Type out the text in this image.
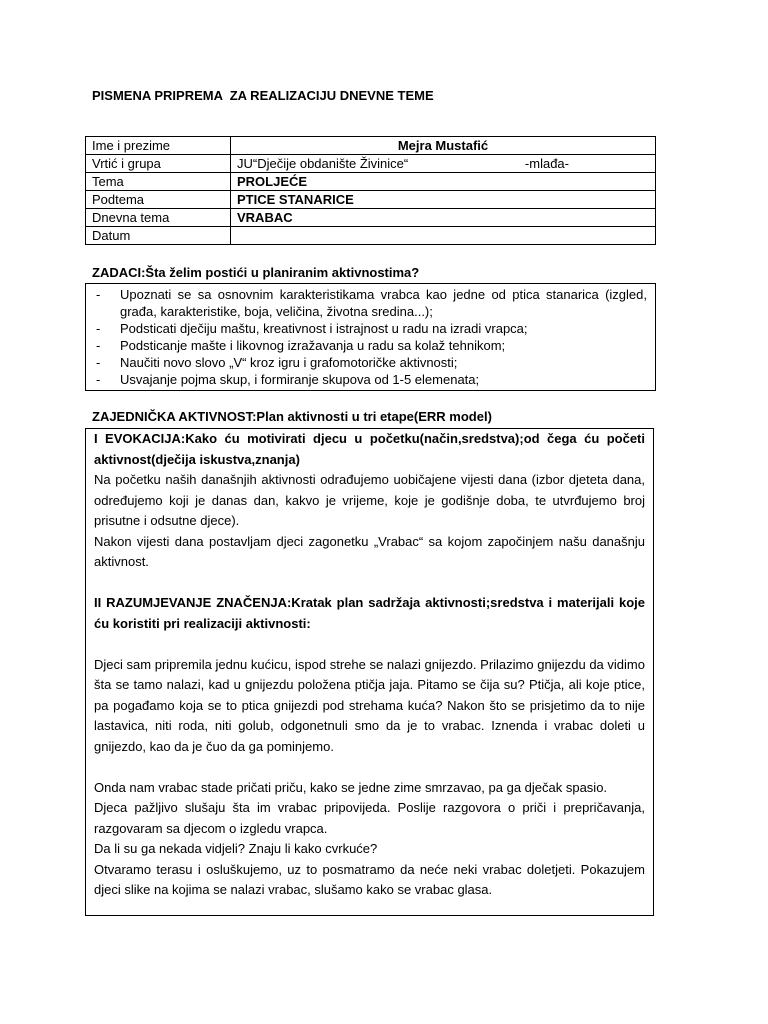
PISMENA PRIPREMA  ZA REALIZACIJU DNEVNE TEME
Ime i prezime	Mejra Mustafić

Vrtić i grupa	JU“Dječije obdanište Živinice“ -mlađa-

Tema	PROLJEĆE
Podtema	PTICE STANARICE
Dnevna tema	VRABAC
Datum	
ZADACI:Šta želim postići u planiranim aktivnostima?
- Upoznati se sa osnovnim karakteristikama vrabca kao jedne od ptica stanarica (izgled, građa, karakteristike, boja, veličina, životna sredina...);
- Podsticati dječiju maštu, kreativnost i istrajnost u radu na izradi vrapca;
- Podsticanje mašte i likovnog izražavanja u radu sa kolaž tehnikom;
- Naučiti novo slovo „V“ kroz igru i grafomotoričke aktivnosti;
- Usvajanje pojma skup, i formiranje skupova od 1-5 elemenata;
ZAJEDNIČKA AKTIVNOST:Plan aktivnosti u tri etape(ERR model)

I EVOKACIJA:Kako ću motivirati djecu u početku(način,sredstva);od čega ću početi aktivnost(dječija iskustva,znanja)

Na početku naših današnjih aktivnosti odrađujemo uobičajene vijesti dana (izbor djeteta dana, određujemo koji je danas dan, kakvo je vrijeme, koje je godišnje doba, te utvrđujemo broj prisutne i odsutne djece).

Nakon vijesti dana postavljam djeci zagonetku „Vrabac“ sa kojom započinjem našu današnju aktivnost.

II RAZUMJEVANJE ZNAČENJA:Kratak plan sadržaja aktivnosti;sredstva i materijali koje ću koristiti pri realizaciji aktivnosti:

Djeci sam pripremila jednu kućicu, ispod strehe se nalazi gnijezdo. Prilazimo gnijezdu da vidimo šta se tamo nalazi, kad u gnijezdu položena ptičja jaja. Pitamo se čija su? Ptičja, ali koje ptice, pa pogađamo koja se to ptica gnijezdi pod strehama kuća? Nakon što se prisjetimo da to nije lastavica, niti roda, niti golub, odgonetnuli smo da je to vrabac. Iznenda i vrabac doleti u gnijezdo, kao da je čuo da ga pominjemo.

Onda nam vrabac stade pričati priču, kako se jedne zime smrzavao, pa ga dječak spasio.

Djeca pažljivo slušaju šta im vrabac pripovijeda. Poslije razgovora o priči i prepričavanja, razgovaram sa djecom o izgledu vrapca.

Da li su ga nekada vidjeli? Znaju li kako cvrkuće?

Otvaramo terasu i osluškujemo, uz to posmatramo da neće neki vrabac doletjeti. Pokazujem djeci slike na kojima se nalazi vrabac, slušamo kako se vrabac glasa.
